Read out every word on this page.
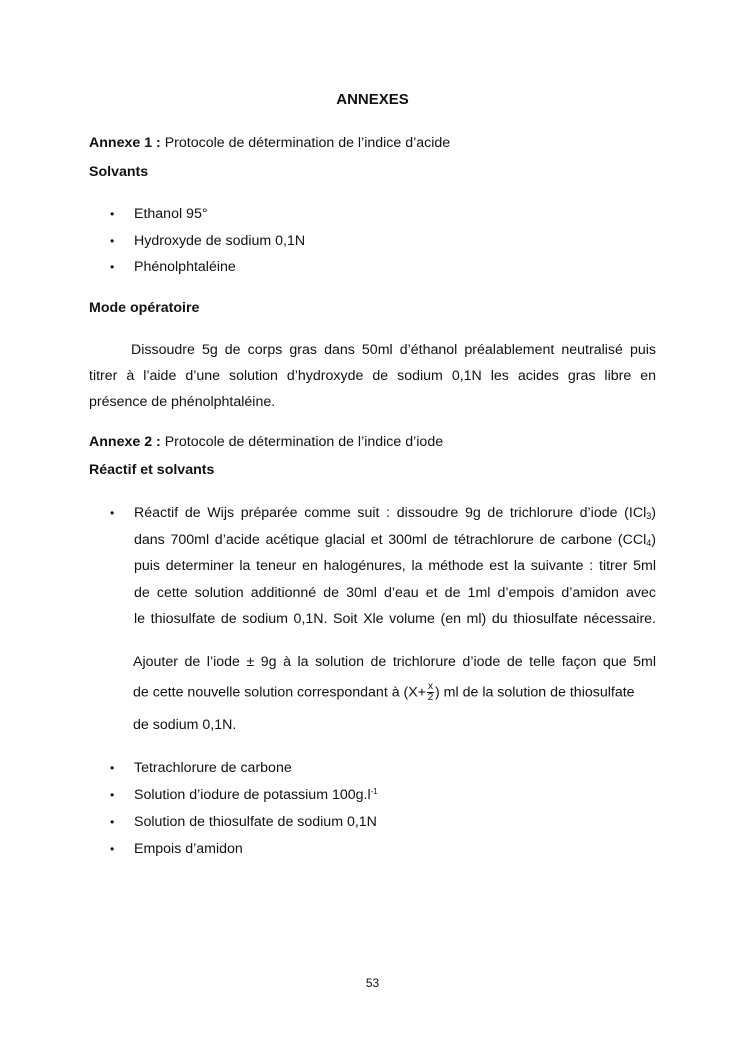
ANNEXES
Annexe 1 : Protocole de détermination de l’indice d’acide
Solvants
• Ethanol 95°
• Hydroxyde de sodium 0,1N
• Phénolphtaléine
Mode opératoire
Dissoudre 5g de corps gras dans 50ml d’éthanol préalablement neutralisé puis
titrer à l’aide d’une solution d’hydroxyde de sodium 0,1N les acides gras libre en
présence de phénolphtaléine.
Annexe 2 : Protocole de détermination de l’indice d’iode
Réactif et solvants
• Réactif de Wijs préparée comme suit : dissoudre 9g de trichlorure d’iode (ICl$_3$)
dans 700ml d’acide acétique glacial et 300ml de tétrachlorure de carbone (CCl$_4$)
puis determiner la teneur en halogénures, la méthode est la suivante : titrer 5ml
de cette solution additionné de 30ml d’eau et de 1ml d’empois d’amidon avec
le thiosulfate de sodium 0,1N. Soit Xle volume (en ml) du thiosulfate nécessaire.
Ajouter de l’iode ± 9g à la solution de trichlorure d’iode de telle façon que 5ml
de cette nouvelle solution correspondant à ($X+ \frac{x}{2}$ ) ml de la solution de thiosulfate
de sodium 0,1N.
• Tetrachlorure de carbone
• Solution d’iodure de potassium $100g.l^{-1}$
• Solution de thiosulfate de sodium 0,1N
• Empois d’amidon
53
